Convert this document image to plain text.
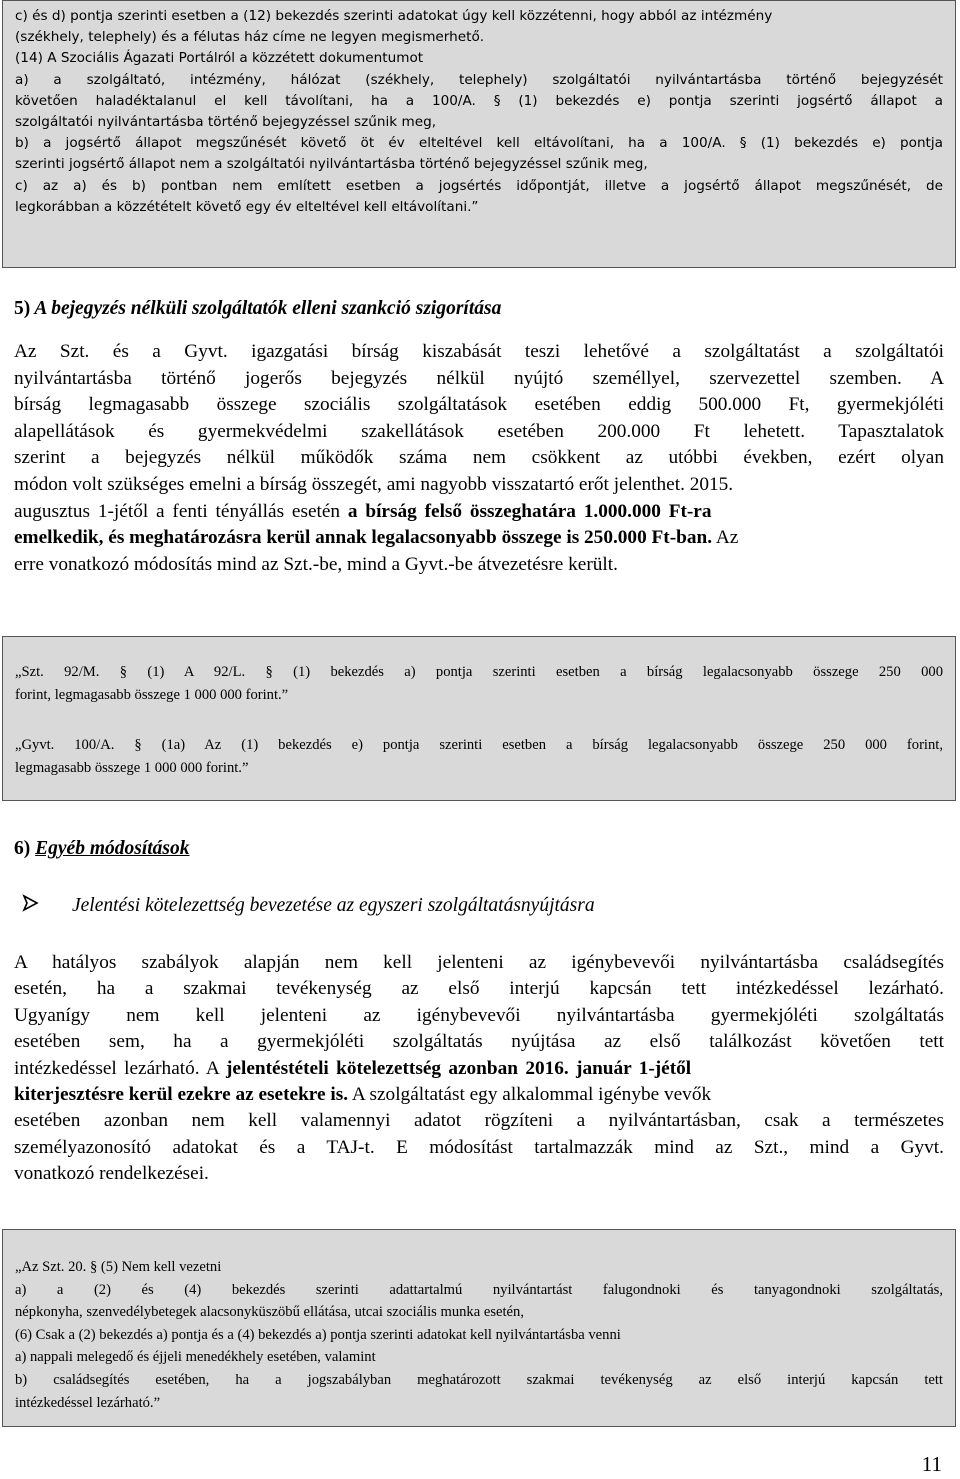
c) és d) pontja szerinti esetben a (12) bekezdés szerinti adatokat úgy kell közzétenni, hogy abból az intézmény
(székhely, telephely) és a félutas ház címe ne legyen megismerhető.
(14) A Szociális Ágazati Portálról a közzétett dokumentumot
a) a szolgáltató, intézmény, hálózat (székhely, telephely) szolgáltatói nyilvántartásba történő bejegyzését
követően haladéktalanul el kell távolítani, ha a 100/A. § (1) bekezdés e) pontja szerinti jogsértő állapot a
szolgáltatói nyilvántartásba történő bejegyzéssel szűnik meg,
b) a jogsértő állapot megszűnését követő öt év elteltével kell eltávolítani, ha a 100/A. § (1) bekezdés e) pontja
szerinti jogsértő állapot nem a szolgáltatói nyilvántartásba történő bejegyzéssel szűnik meg,
c) az a) és b) pontban nem említett esetben a jogsértés időpontját, illetve a jogsértő állapot megszűnését, de
legkorábban a közzétételt követő egy év elteltével kell eltávolítani.”
5) A bejegyzés nélküli szolgáltatók elleni szankció szigorítása
Az Szt. és a Gyvt. igazgatási bírság kiszabását teszi lehetővé a szolgáltatást a szolgáltatói
nyilvántartásba történő jogerős bejegyzés nélkül nyújtó személlyel, szervezettel szemben. A
bírság legmagasabb összege szociális szolgáltatások esetében eddig 500.000 Ft, gyermekjóléti
alapellátások és gyermekvédelmi szakellátások esetében 200.000 Ft lehetett. Tapasztalatok
szerint a bejegyzés nélkül működők száma nem csökkent az utóbbi években, ezért olyan
módon volt szükséges emelni a bírság összegét, ami nagyobb visszatartó erőt jelenthet. 2015.
augusztus 1-jétől a fenti tényállás esetén a bírság felső összeghatára 1.000.000 Ft-ra
emelkedik, és meghatározásra kerül annak legalacsonyabb összege is 250.000 Ft-ban. Az
erre vonatkozó módosítás mind az Szt.-be, mind a Gyvt.-be átvezetésre került.
„Szt. 92/M. § (1) A 92/L. § (1) bekezdés a) pontja szerinti esetben a bírság legalacsonyabb összege 250 000
forint, legmagasabb összege 1 000 000 forint.”
„Gyvt. 100/A. § (1a) Az (1) bekezdés e) pontja szerinti esetben a bírság legalacsonyabb összege 250 000 forint,
legmagasabb összege 1 000 000 forint.”
6) Egyéb módosítások
Jelentési kötelezettség bevezetése az egyszeri szolgáltatásnyújtásra
A hatályos szabályok alapján nem kell jelenteni az igénybevevői nyilvántartásba családsegítés
esetén, ha a szakmai tevékenység az első interjú kapcsán tett intézkedéssel lezárható.
Ugyanígy nem kell jelenteni az igénybevevői nyilvántartásba gyermekjóléti szolgáltatás
esetében sem, ha a gyermekjóléti szolgáltatás nyújtása az első találkozást követően tett
intézkedéssel lezárható. A jelentéstételi kötelezettség azonban 2016. január 1-jétől
kiterjesztésre kerül ezekre az esetekre is. A szolgáltatást egy alkalommal igénybe vevők
esetében azonban nem kell valamennyi adatot rögzíteni a nyilvántartásban, csak a természetes
személyazonosító adatokat és a TAJ-t. E módosítást tartalmazzák mind az Szt., mind a Gyvt.
vonatkozó rendelkezései.
„Az Szt. 20. § (5) Nem kell vezetni
a) a (2) és (4) bekezdés szerinti adattartalmú nyilvántartást falugondnoki és tanyagondnoki szolgáltatás,
népkonyha, szenvedélybetegek alacsonyküszöbű ellátása, utcai szociális munka esetén,
(6) Csak a (2) bekezdés a) pontja és a (4) bekezdés a) pontja szerinti adatokat kell nyilvántartásba venni
a) nappali melegedő és éjjeli menedékhely esetében, valamint
b) családsegítés esetében, ha a jogszabályban meghatározott szakmai tevékenység az első interjú kapcsán tett
intézkedéssel lezárható.”
11
